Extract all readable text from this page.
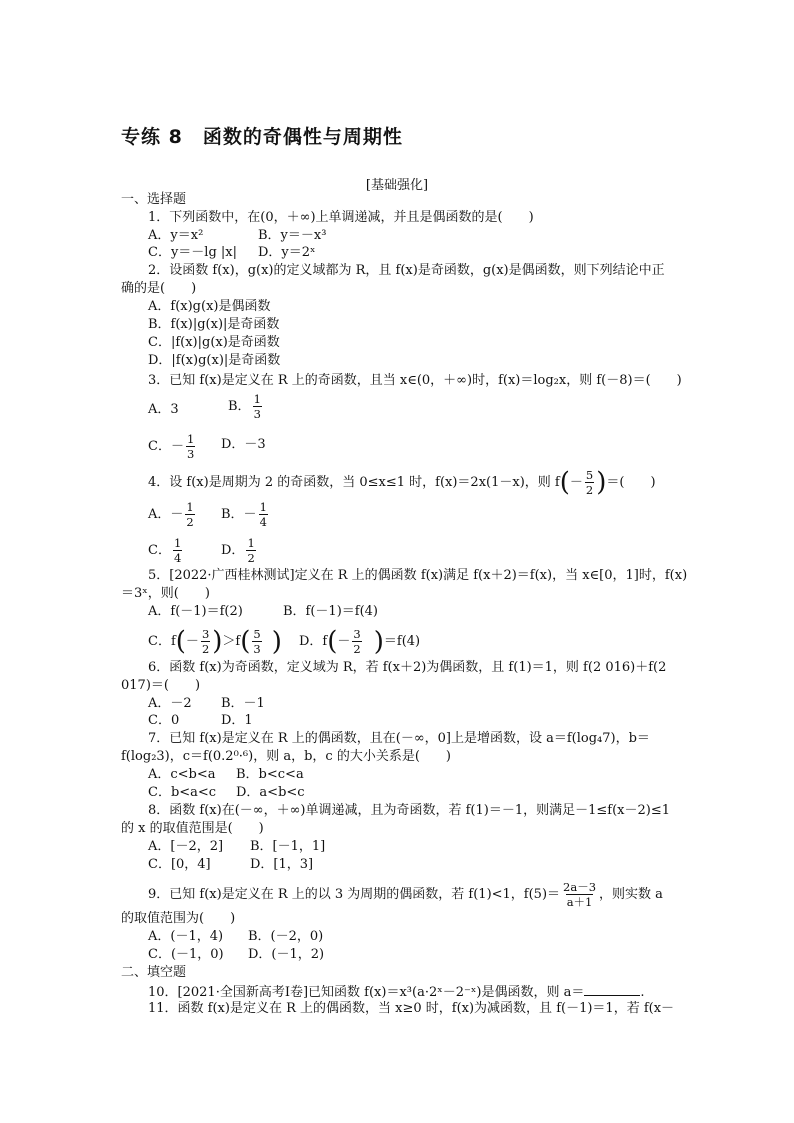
专练 8　函数的奇偶性与周期性
[基础强化]
一、选择题
1．下列函数中，在(0，＋∞)上单调递减，并且是偶函数的是(　　)
A．y＝x²	B．y＝－x³
C．y＝－lg |x| D．y＝2ˣ
2．设函数 f(x)，g(x)的定义域都为 R，且 f(x)是奇函数，g(x)是偶函数，则下列结论中正
确的是(　　)
A．f(x)g(x)是偶函数
B．f(x)|g(x)|是奇函数
C．|f(x)|g(x)是奇函数
D．|f(x)g(x)|是奇函数
3．已知 f(x)是定义在 R 上的奇函数，且当 x∈(0，＋∞)时，f(x)＝log₂x，则 f(－8)＝(　　)
A．3	B． $\frac{1}{3}$
C．－ $\frac{1}{3}$ D．－3
4．设 f(x)是周期为 2 的奇函数，当 0≤x≤1 时，f(x)＝2x(1－x)，则 $f(- \frac{5}{2}$ )＝(　　)
A．－ $\frac{1}{2}$ B．－ $\frac{1}{4}$
C． $\frac{1}{4}$	D． $\frac{1}{2}$
5．[2022·广西桂林测试]定义在 R 上的偶函数 f(x)满足 f(x＋2)＝f(x)，当 x∈[0，1]时，f(x)
＝3ˣ，则(　　)
A．f(－1)＝f(2)	B．f(－1)＝f(4)
C．$f(- \frac{3}{2} )>f( \frac{5}{3}$ ) D．$f(- \frac{3}{2} )=f(4)$
6．函数 f(x)为奇函数，定义域为 R，若 f(x＋2)为偶函数，且 f(1)＝1，则 f(2 016)＋f(2
017)＝(　　)
A．－2 B．－1
C．0	D．1
7．已知 f(x)是定义在 R 上的偶函数，且在(－∞，0]上是增函数，设 a＝f(log₄7)，b＝
f(log₂3)，c＝f(0.2⁰·⁶)，则 a，b，c 的大小关系是(　　)
A．c<b<a B．b<c<a
C．b<a<c D．a<b<c
8．函数 f(x)在(－∞，＋∞)单调递减，且为奇函数，若 f(1)＝－1，则满足－1≤f(x－2)≤1
的 x 的取值范围是(　　)
A．[－2，2] B．[－1，1]
C．[0，4]	D．[1，3]
9．已知 f(x)是定义在 R 上的以 3 为周期的偶函数，若 f(1)<1，$f(5)= \frac{2a-3}{a+1}$ ，则实数 a
的取值范围为(　　)
A．(－1，4) B．(－2，0)
C．(－1，0) D．(－1，2)
二、填空题
10．[2021·全国新高考Ⅰ卷]已知函数 f(x)＝x³(a·2ˣ－2⁻ˣ)是偶函数，则 a＝	.
11．函数 f(x)是定义在 R 上的偶函数，当 x≥0 时，f(x)为减函数，且 f(－1)＝1，若 f(x－
